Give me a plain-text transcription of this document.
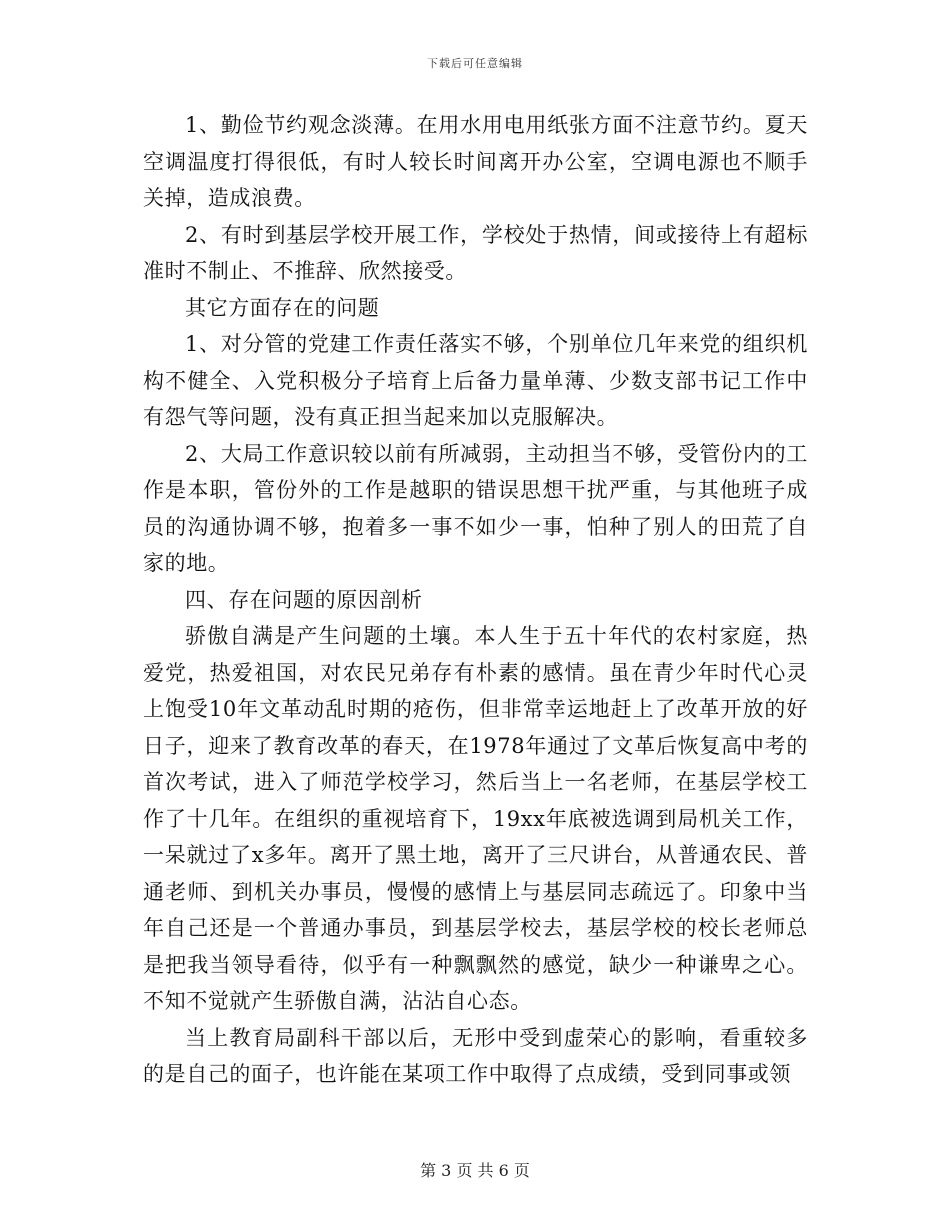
下载后可任意编辑

1、勤俭节约观念淡薄。在用水用电用纸张方面不注意节约。夏天空调温度打得很低，有时人较长时间离开办公室，空调电源也不顺手关掉，造成浪费。

2、有时到基层学校开展工作，学校处于热情，间或接待上有超标准时不制止、不推辞、欣然接受。

其它方面存在的问题

1、对分管的党建工作责任落实不够，个别单位几年来党的组织机构不健全、入党积极分子培育上后备力量单薄、少数支部书记工作中有怨气等问题，没有真正担当起来加以克服解决。

2、大局工作意识较以前有所减弱，主动担当不够，受管份内的工作是本职，管份外的工作是越职的错误思想干扰严重，与其他班子成员的沟通协调不够，抱着多一事不如少一事，怕种了别人的田荒了自家的地。

四、存在问题的原因剖析

骄傲自满是产生问题的土壤。本人生于五十年代的农村家庭，热爱党，热爱祖国，对农民兄弟存有朴素的感情。虽在青少年时代心灵上饱受10年文革动乱时期的疮伤，但非常幸运地赶上了改革开放的好日子，迎来了教育改革的春天，在1978年通过了文革后恢复高中考的首次考试，进入了师范学校学习，然后当上一名老师，在基层学校工作了十几年。在组织的重视培育下，19xx年底被选调到局机关工作，一呆就过了x多年。离开了黑土地，离开了三尺讲台，从普通农民、普通老师、到机关办事员，慢慢的感情上与基层同志疏远了。印象中当年自己还是一个普通办事员，到基层学校去，基层学校的校长老师总是把我当领导看待，似乎有一种飘飘然的感觉，缺少一种谦卑之心。不知不觉就产生骄傲自满，沾沾自心态。

当上教育局副科干部以后，无形中受到虚荣心的影响，看重较多的是自己的面子，也许能在某项工作中取得了点成绩，受到同事或领

第 3 页 共 6 页
